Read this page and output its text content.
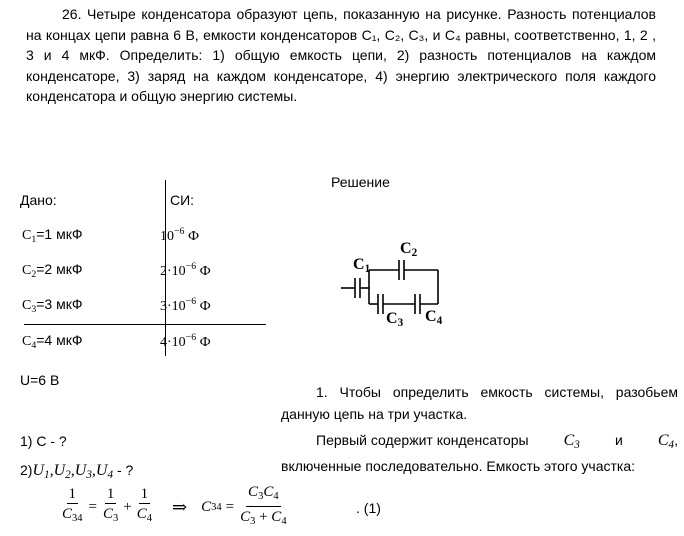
26. Четыре конденсатора образуют цепь, показанную на рисунке. Разность потенциалов на концах цепи равна 6 В, емкости конденсаторов C₁, C₂, C₃, и C₄ равны, соответственно, 1, 2 , 3 и 4 мкФ. Определить: 1) общую емкость цепи, 2) разность потенциалов на каждом конденсаторе, 3) заряд на каждом конденсаторе, 4) энергию электрического поля каждого конденсатора и общую энергию системы.
Дано:	СИ:
$C_1=1$ мкФ	$10^{-6}$ Ф
$C_2=2$ мкФ	$2\cdot 10^{-6}$ Ф
$C_3=3$ мкФ	$3\cdot 10^{-6}$ Ф
$C_4=4$ мкФ	$4\cdot 10^{-6}$ Ф
U=6 В
1) С - ?
$2)U_1,U_2,U_3,U_4$ - ?
Решение
$C_1$
$C_2$
$C_3$ $C_4$
1. Чтобы определить емкость системы, разобьем данную цепь на три участка.
Первый содержит конденсаторы $C_3$	и $C_4$,
включенные последовательно. Емкость этого участка:
$\frac{1}{C_{34}} = \frac{1}{C_3} + \frac{1}{C_4}$ ⇒ C $34 = \frac{C_3C_4}{C_3 + C_4}$	. (1)
